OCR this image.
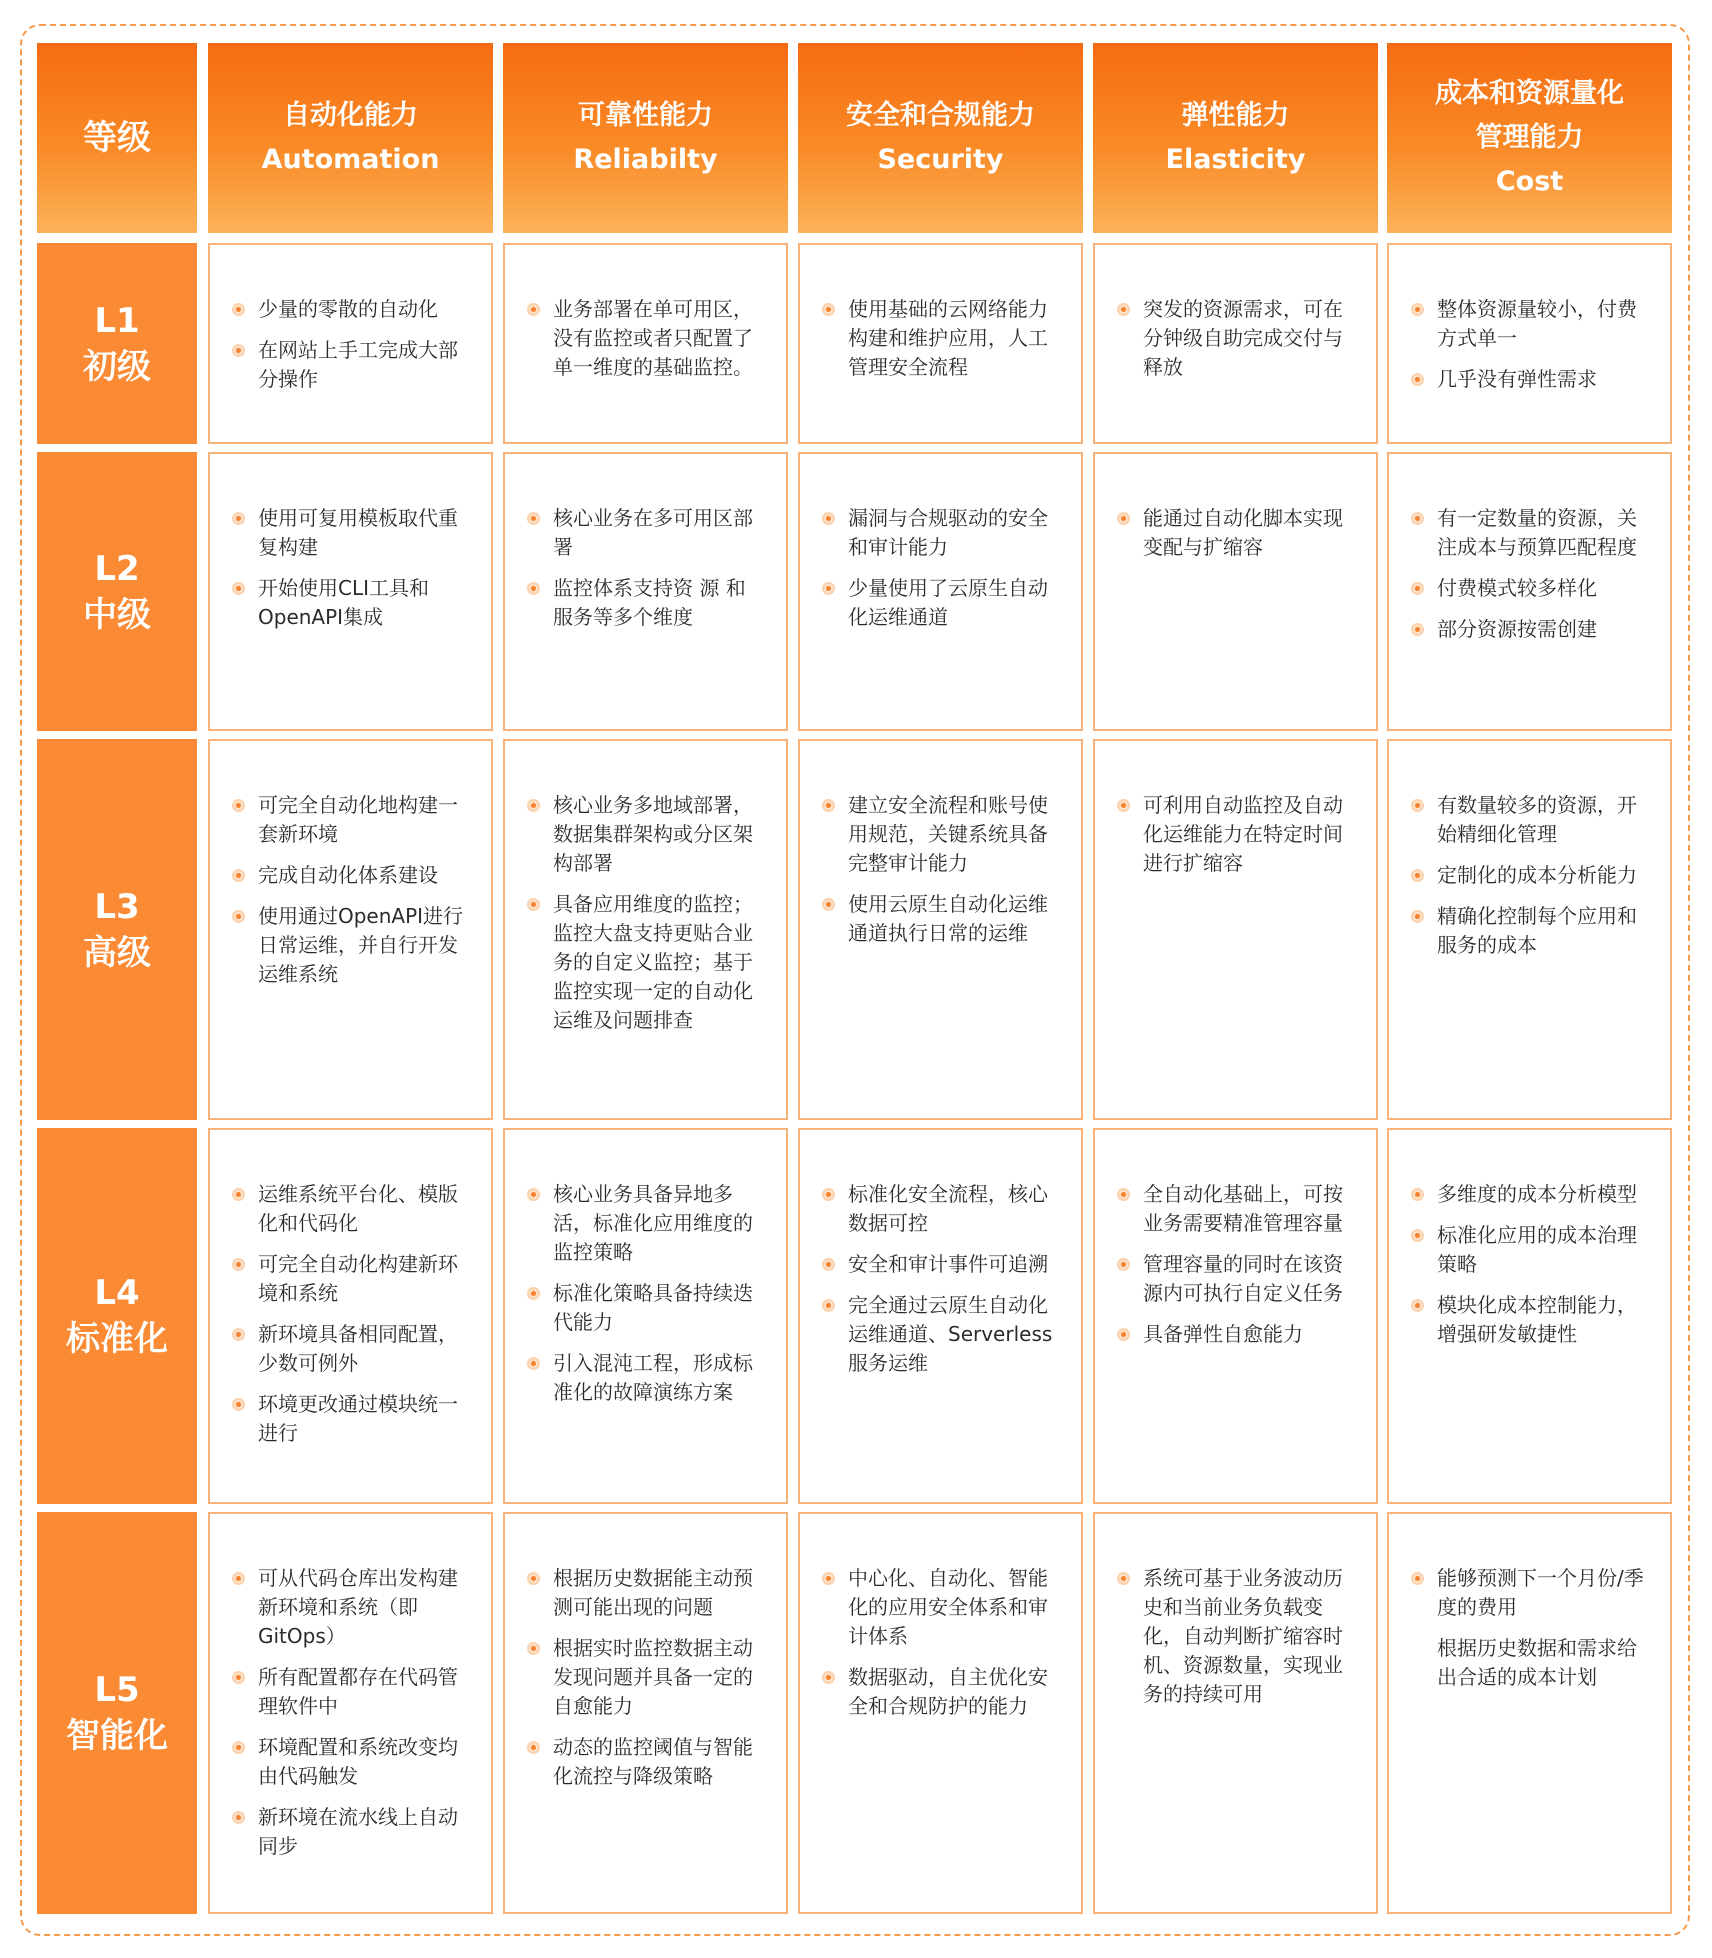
等级
自动化能力
Automation
可靠性能力
Reliabilty
安全和合规能力
Security
弹性能力
Elasticity
成本和资源量化管理能力
Cost
L1
初级
少量的零散的自动化
在网站上手工完成大部分操作
业务部署在单可用区，没有监控或者只配置了单一维度的基础监控。
使用基础的云网络能力构建和维护应用，人工管理安全流程
突发的资源需求，可在分钟级自助完成交付与释放
整体资源量较小，付费方式单一
几乎没有弹性需求
L2
中级
使用可复用模板取代重复构建
开始使用CLI工具和OpenAPI集成
核心业务在多可用区部署
监控体系支持资 源 和服务等多个维度
漏洞与合规驱动的安全和审计能力
少量使用了云原生自动化运维通道
能通过自动化脚本实现变配与扩缩容
有一定数量的资源，关注成本与预算匹配程度
付费模式较多样化
部分资源按需创建
L3
高级
可完全自动化地构建一套新环境
完成自动化体系建设
使用通过OpenAPI进行日常运维，并自行开发运维系统
核心业务多地域部署，数据集群架构或分区架构部署
具备应用维度的监控；监控大盘支持更贴合业务的自定义监控；基于监控实现一定的自动化运维及问题排查
建立安全流程和账号使用规范，关键系统具备完整审计能力
使用云原生自动化运维通道执行日常的运维
可利用自动监控及自动化运维能力在特定时间进行扩缩容
有数量较多的资源，开始精细化管理
定制化的成本分析能力
精确化控制每个应用和服务的成本
L4
标准化
运维系统平台化、模版化和代码化
可完全自动化构建新环境和系统
新环境具备相同配置，少数可例外
环境更改通过模块统一进行
核心业务具备异地多活，标准化应用维度的监控策略
标准化策略具备持续迭代能力
引入混沌工程，形成标准化的故障演练方案
标准化安全流程，核心数据可控
安全和审计事件可追溯
完全通过云原生自动化运维通道、Serverless 服务运维
全自动化基础上，可按业务需要精准管理容量
管理容量的同时在该资源内可执行自定义任务
具备弹性自愈能力
多维度的成本分析模型
标准化应用的成本治理策略
模块化成本控制能力，增强研发敏捷性
L5
智能化
可从代码仓库出发构建新环境和系统（即GitOps）
所有配置都存在代码管理软件中
环境配置和系统改变均由代码触发
新环境在流水线上自动同步
根据历史数据能主动预测可能出现的问题
根据实时监控数据主动发现问题并具备一定的自愈能力
动态的监控阈值与智能化流控与降级策略
中心化、自动化、智能化的应用安全体系和审计体系
数据驱动，自主优化安全和合规防护的能力
系统可基于业务波动历史和当前业务负载变化，自动判断扩缩容时机、资源数量，实现业务的持续可用
能够预测下一个月份/季度的费用
根据历史数据和需求给出合适的成本计划
